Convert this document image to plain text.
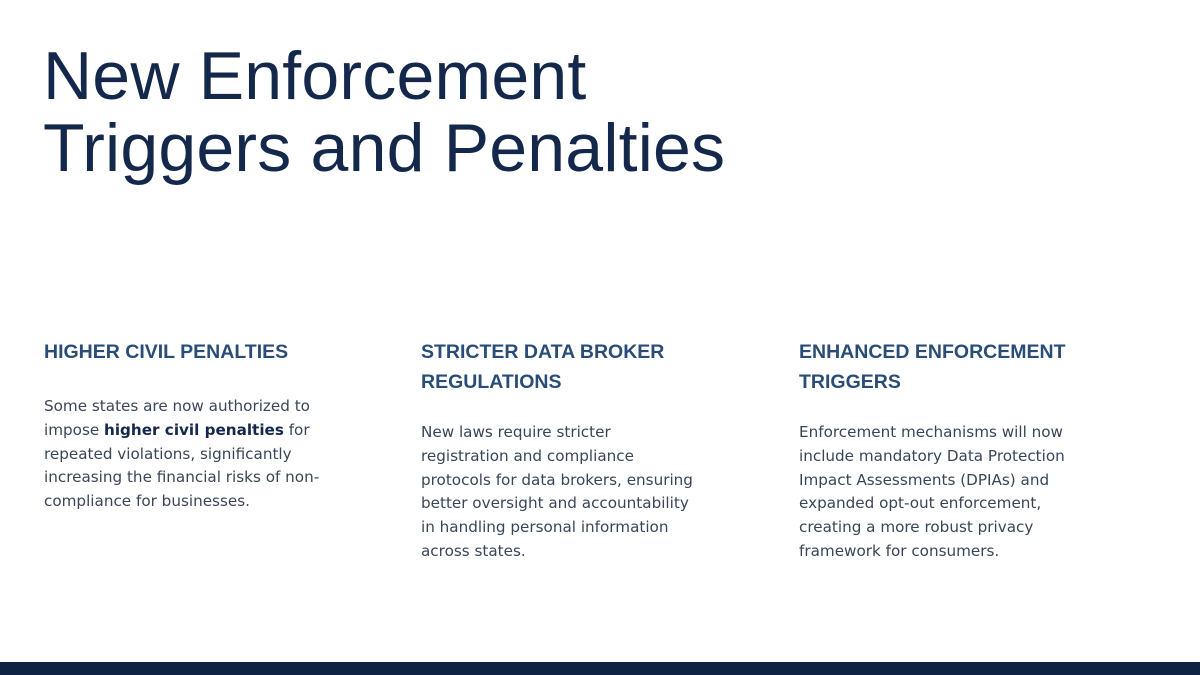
New Enforcement
Triggers and Penalties
HIGHER CIVIL PENALTIES

Some states are now authorized to impose higher civil penalties for repeated violations, significantly increasing the financial risks of non-compliance for businesses.

STRICTER DATA BROKER REGULATIONS

New laws require stricter registration and compliance protocols for data brokers, ensuring better oversight and accountability in handling personal information across states.

ENHANCED ENFORCEMENT TRIGGERS

Enforcement mechanisms will now include mandatory Data Protection Impact Assessments (DPIAs) and expanded opt-out enforcement, creating a more robust privacy framework for consumers.
